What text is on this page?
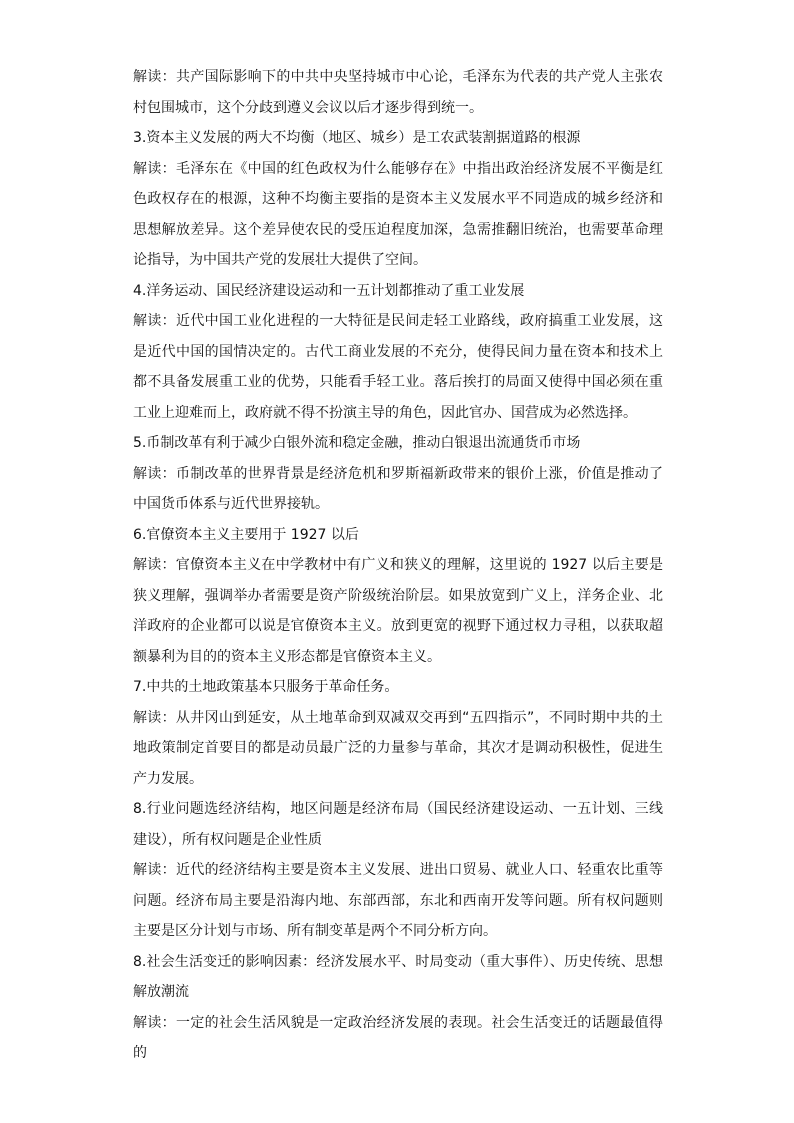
解读：共产国际影响下的中共中央坚持城市中心论，毛泽东为代表的共产党人主张农村包围城市，这个分歧到遵义会议以后才逐步得到统一。

3.资本主义发展的两大不均衡（地区、城乡）是工农武装割据道路的根源

解读：毛泽东在《中国的红色政权为什么能够存在》中指出政治经济发展不平衡是红色政权存在的根源，这种不均衡主要指的是资本主义发展水平不同造成的城乡经济和思想解放差异。这个差异使农民的受压迫程度加深，急需推翻旧统治，也需要革命理论指导，为中国共产党的发展壮大提供了空间。

4.洋务运动、国民经济建设运动和一五计划都推动了重工业发展

解读：近代中国工业化进程的一大特征是民间走轻工业路线，政府搞重工业发展，这是近代中国的国情决定的。古代工商业发展的不充分，使得民间力量在资本和技术上都不具备发展重工业的优势，只能看手轻工业。落后挨打的局面又使得中国必须在重工业上迎难而上，政府就不得不扮演主导的角色，因此官办、国营成为必然选择。

5.币制改革有利于减少白银外流和稳定金融，推动白银退出流通货币市场

解读：币制改革的世界背景是经济危机和罗斯福新政带来的银价上涨，价值是推动了中国货币体系与近代世界接轨。

6.官僚资本主义主要用于 1927 以后

解读：官僚资本主义在中学教材中有广义和狭义的理解，这里说的 1927 以后主要是狭义理解，强调举办者需要是资产阶级统治阶层。如果放宽到广义上，洋务企业、北洋政府的企业都可以说是官僚资本主义。放到更宽的视野下通过权力寻租，以获取超额暴利为目的的资本主义形态都是官僚资本主义。

7.中共的土地政策基本只服务于革命任务。

解读：从井冈山到延安，从土地革命到双减双交再到“五四指示”，不同时期中共的土地政策制定首要目的都是动员最广泛的力量参与革命，其次才是调动积极性，促进生产力发展。

8.行业问题选经济结构，地区问题是经济布局（国民经济建设运动、一五计划、三线建设），所有权问题是企业性质

解读：近代的经济结构主要是资本主义发展、进出口贸易、就业人口、轻重农比重等问题。经济布局主要是沿海内地、东部西部，东北和西南开发等问题。所有权问题则主要是区分计划与市场、所有制变革是两个不同分析方向。

8.社会生活变迁的影响因素：经济发展水平、时局变动（重大事件）、历史传统、思想解放潮流

解读：一定的社会生活风貌是一定政治经济发展的表现。社会生活变迁的话题最值得的
